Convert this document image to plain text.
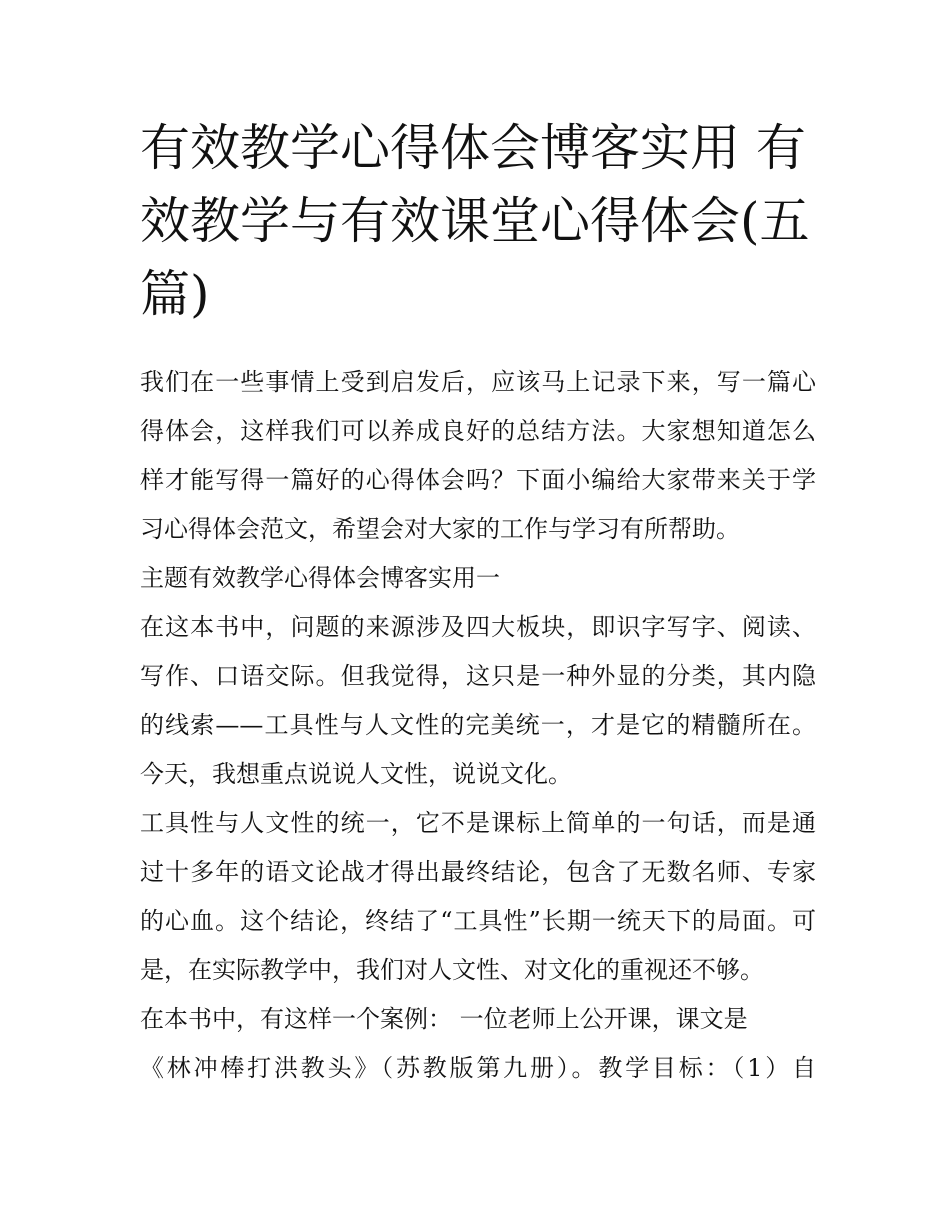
有效教学心得体会博客实用 有
效教学与有效课堂心得体会(五
篇)
我们在一些事情上受到启发后，应该马上记录下来，写一篇心
得体会，这样我们可以养成良好的总结方法。大家想知道怎么
样才能写得一篇好的心得体会吗？下面小编给大家带来关于学
习心得体会范文，希望会对大家的工作与学习有所帮助。
主题有效教学心得体会博客实用一
在这本书中，问题的来源涉及四大板块，即识字写字、阅读、
写作、口语交际。但我觉得，这只是一种外显的分类，其内隐
的线索——工具性与人文性的完美统一，才是它的精髓所在。
今天，我想重点说说人文性，说说文化。
工具性与人文性的统一，它不是课标上简单的一句话，而是通
过十多年的语文论战才得出最终结论，包含了无数名师、专家
的心血。这个结论，终结了“工具性”长期一统天下的局面。可
是，在实际教学中，我们对人文性、对文化的重视还不够。
在本书中，有这样一个案例： 一位老师上公开课，课文是
《林冲棒打洪教头》（苏教版第九册）。教学目标：（1）自
